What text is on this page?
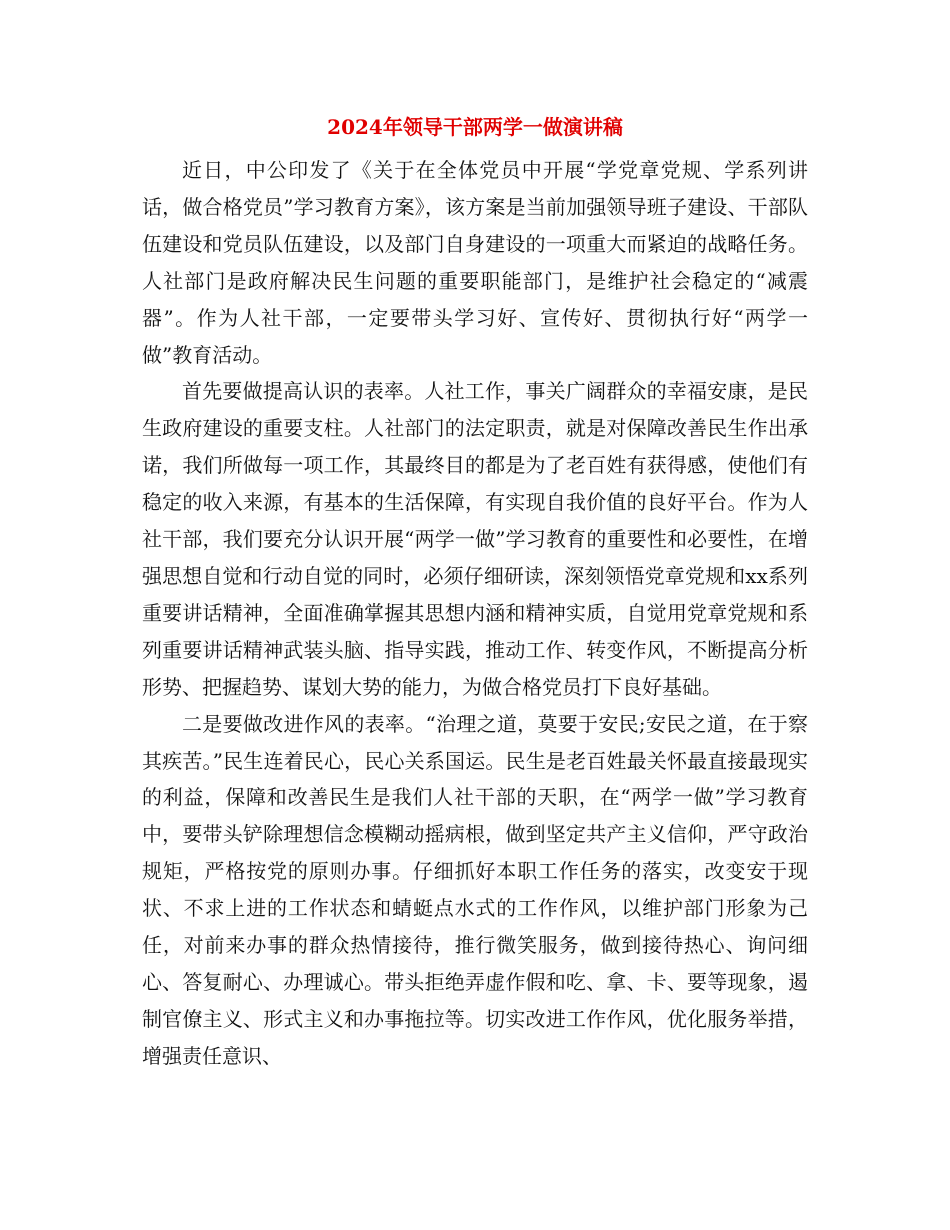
2024年领导干部两学一做演讲稿

近日，中公印发了《关于在全体党员中开展“学党章党规、学系列讲话，做合格党员”学习教育方案》，该方案是当前加强领导班子建设、干部队伍建设和党员队伍建设，以及部门自身建设的一项重大而紧迫的战略任务。 人社部门是政府解决民生问题的重要职能部门，是维护社会稳定的“减震器”。作为人社干部，一定要带头学习好、宣传好、贯彻执行好“两学一做”教育活动。

首先要做提高认识的表率。人社工作，事关广阔群众的幸福安康，是民生政府建设的重要支柱。人社部门的法定职责，就是对保障改善民生作出承诺，我们所做每一项工作，其最终目的都是为了老百姓有获得感，使他们有稳定的收入来源，有基本的生活保障，有实现自我价值的良好平台。作为人社干部，我们要充分认识开展“两学一做”学习教育的重要性和必要性，在增强思想自觉和行动自觉的同时，必须仔细研读，深刻领悟党章党规和xx系列重要讲话精神，全面准确掌握其思想内涵和精神实质，自觉用党章党规和系列重要讲话精神武装头脑、指导实践，推动工作、转变作风，不断提高分析形势、把握趋势、谋划大势的能力，为做合格党员打下良好基础。

二是要做改进作风的表率。“治理之道，莫要于安民;安民之道，在于察其疾苦。”民生连着民心，民心关系国运。民生是老百姓最关怀最直接最现实的利益，保障和改善民生是我们人社干部的天职，在“两学一做”学习教育中，要带头铲除理想信念模糊动摇病根，做到坚定共产主义信仰，严守政治规矩，严格按党的原则办事。仔细抓好本职工作任务的落实，改变安于现状、不求上进的工作状态和蜻蜓点水式的工作作风，以维护部门形象为己任，对前来办事的群众热情接待，推行微笑服务，做到接待热心、询问细心、答复耐心、办理诚心。带头拒绝弄虚作假和吃、拿、卡、要等现象，遏制官僚主义、形式主义和办事拖拉等。切实改进工作作风，优化服务举措，增强责任意识、
